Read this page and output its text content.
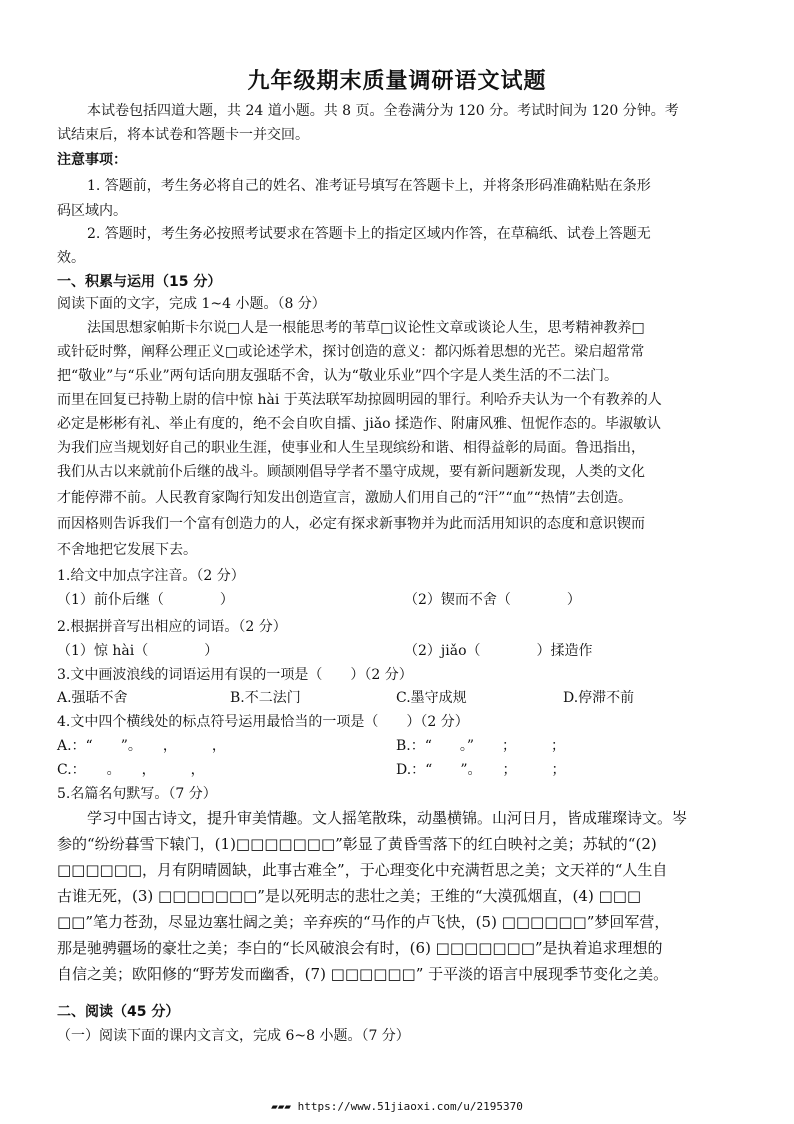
九年级期末质量调研语文试题
本试卷包括四道大题，共 24 道小题。共 8 页。全卷满分为 120 分。考试时间为 120 分钟。考
试结束后，将本试卷和答题卡一并交回。
注意事项：
1. 答题前，考生务必将自己的姓名、准考证号填写在答题卡上，并将条形码准确粘贴在条形
码区域内。
2. 答题时，考生务必按照考试要求在答题卡上的指定区域内作答，在草稿纸、试卷上答题无
效。
一、积累与运用（15 分）
阅读下面的文字，完成 1~4 小题。（8 分）
法国思想家帕斯卡尔说□人是一根能思考的苇草□议论性文章或谈论人生，思考精神教养□
或针砭时弊，阐释公理正义□或论述学术，探讨创造的意义：都闪烁着思想的光芒。梁启超常常
把“敬业”与“乐业”两句话向朋友强聒不舍，认为“敬业乐业”四个字是人类生活的不二法门。
而里在回复已持勒上尉的信中惊 hài 于英法联军劫掠圆明园的罪行。利哈乔夫认为一个有教养的人
必定是彬彬有礼、举止有度的，绝不会自吹自擂、jiǎo 揉造作、附庸风雅、忸怩作态的。毕淑敏认
为我们应当规划好自己的职业生涯，使事业和人生呈现缤纷和谐、相得益彰的局面。鲁迅指出，
我们从古以来就前仆后继的战斗。顾颉刚倡导学者不墨守成规，要有新问题新发现，人类的文化
才能停滞不前。人民教育家陶行知发出创造宣言，激励人们用自己的“汗”“血”“热情”去创造。
而因格则告诉我们一个富有创造力的人，必定有探求新事物并为此而活用知识的态度和意识锲而
不舍地把它发展下去。
1.给文中加点字注音。（2 分）
（1）前仆后继（　　　　）	（2）锲而不舍（　　　　）
2.根据拼音写出相应的词语。（2 分）
（1）惊 hài（　　　　）	（2）jiǎo（　　　　）揉造作
3.文中画波浪线的词语运用有误的一项是（　　）（2 分）
A.强聒不舍	B.不二法门	C.墨守成规	D.停滞不前
4.文中四个横线处的标点符号运用最恰当的一项是（　　）（2 分）
A.：“　　”。　　，　　　，	B.：“　　。”　　；　　　；
C.：　　。　　，　　　，	D.：“　　”。　　；　　　；
5.名篇名句默写。（7 分）
学习中国古诗文，提升审美情趣。文人摇笔散珠，动墨横锦。山河日月，皆成璀璨诗文。岑
参的“纷纷暮雪下辕门，(1)□□□□□□□”彰显了黄昏雪落下的红白映衬之美；苏轼的“(2)
□□□□□□，月有阴晴圆缺，此事古难全”，于心理变化中充满哲思之美；文天祥的“人生自
古谁无死，(3) □□□□□□□”是以死明志的悲壮之美；王维的“大漠孤烟直，(4) □□□
□□”笔力苍劲，尽显边塞壮阔之美；辛弃疾的“马作的卢飞快，(5) □□□□□□”梦回军营，
那是驰骋疆场的豪壮之美；李白的“长风破浪会有时，(6) □□□□□□□”是执着追求理想的
自信之美；欧阳修的“野芳发而幽香，(7) □□□□□□” 于平淡的语言中展现季节变化之美。
二、阅读（45 分）
（一）阅读下面的课内文言文，完成 6~8 小题。（7 分）
▰▰▰ https://www.51jiaoxi.com/u/2195370
